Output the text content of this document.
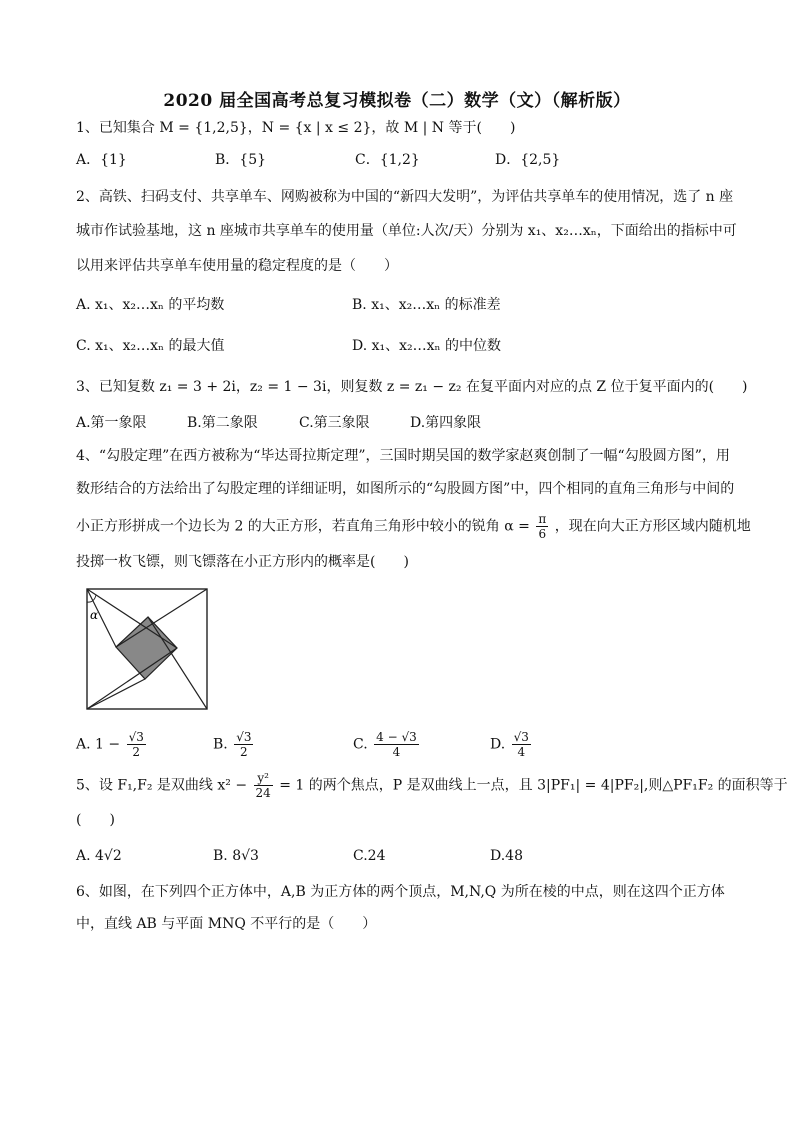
2020 届全国高考总复习模拟卷（二）数学（文）（解析版）
1、已知集合 M = {1,2,5}，N = {x | x ≤ 2}，故 M | N 等于(　　)
A．{1}	B．{5}	C．{1,2}	D．{2,5}
2、高铁、扫码支付、共享单车、网购被称为中国的“新四大发明”，为评估共享单车的使用情况，选了 n 座
城市作试验基地，这 n 座城市共享单车的使用量（单位:人次/天）分别为 x₁、x₂…xₙ，下面给出的指标中可
以用来评估共享单车使用量的稳定程度的是（　　）
A. x₁、x₂…xₙ 的平均数	B. x₁、x₂…xₙ 的标准差
C. x₁、x₂…xₙ 的最大值	D. x₁、x₂…xₙ 的中位数
3、已知复数 z₁ = 3 + 2i，z₂ = 1 − 3i，则复数 z = z₁ − z₂ 在复平面内对应的点 Z 位于复平面内的(　　)
A.第一象限	B.第二象限	C.第三象限	D.第四象限
4、“勾股定理”在西方被称为“毕达哥拉斯定理”，三国时期吴国的数学家赵爽创制了一幅“勾股圆方图”，用
数形结合的方法给出了勾股定理的详细证明，如图所示的“勾股圆方图”中，四个相同的直角三角形与中间的
小正方形拼成一个边长为 2 的大正方形，若直角三角形中较小的锐角 $\alpha = \frac{\pi}{6}$ ，现在向大正方形区域内随机地
投掷一枚飞镖，则飞镖落在小正方形内的概率是(　　)
α
A. $1 - \frac{√3}{2}$	B. $\frac{√3}{2}$	C. $\frac{4 - √3}{4}$	D. $\frac{√3}{4}$
5、设 F₁,F₂ 是双曲线 $x^2 - \frac{\text{y²}}{24} = 1$ 的两个焦点，P 是双曲线上一点，且 3|PF₁| = 4|PF₂|,则△PF₁F₂ 的面积等于
(　　)
A. 4√2	B. 8√3	C.24	D.48
6、如图，在下列四个正方体中，A,B 为正方体的两个顶点，M,N,Q 为所在棱的中点，则在这四个正方体
中，直线 AB 与平面 MNQ 不平行的是（　　）
